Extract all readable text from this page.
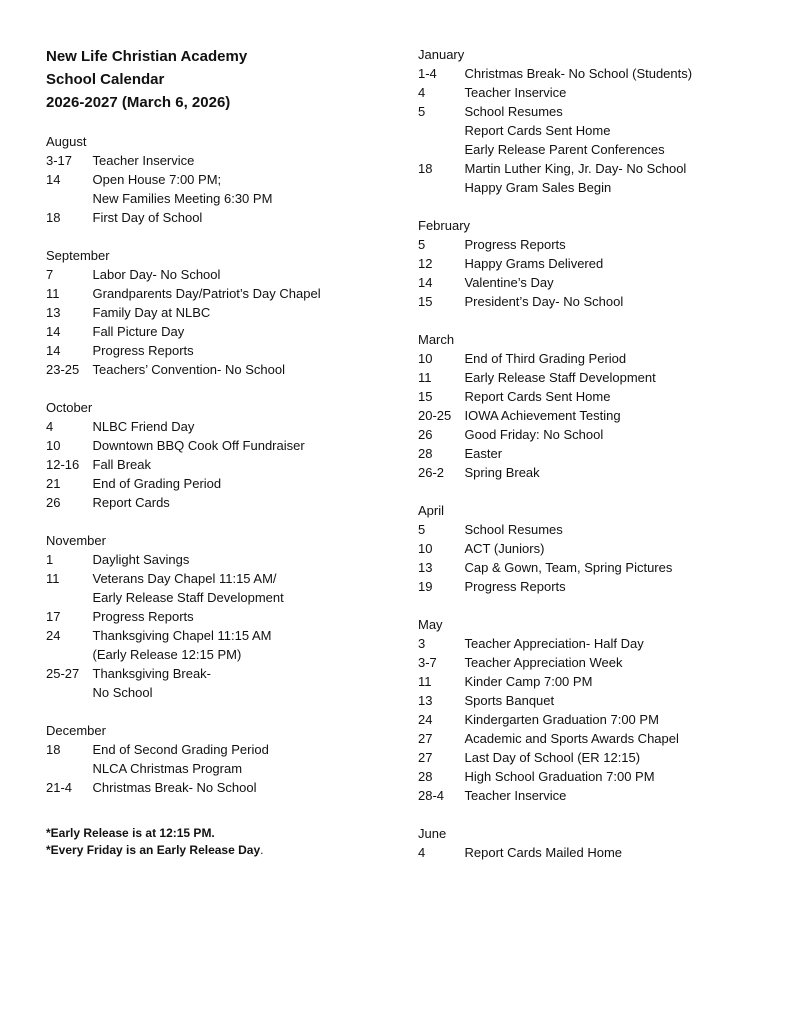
New Life Christian Academy
School Calendar
2026-2027 (March 6, 2026)
August
3-17	Teacher Inservice
14	Open House 7:00 PM;
New Families Meeting 6:30 PM
18	First Day of School
September
7	Labor Day- No School
11	Grandparents Day/Patriot’s Day Chapel
13	Family Day at NLBC
14	Fall Picture Day
14	Progress Reports
23-25	Teachers’ Convention- No School
October
4	NLBC Friend Day
10	Downtown BBQ Cook Off Fundraiser
12-16	Fall Break
21	End of Grading Period
26	Report Cards
November
1	Daylight Savings
11	Veterans Day Chapel 11:15 AM/
Early Release Staff Development
17	Progress Reports
24	Thanksgiving Chapel 11:15 AM
(Early Release 12:15 PM)
25-27	Thanksgiving Break-
No School
December
18	End of Second Grading Period
NLCA Christmas Program
21-4	Christmas Break- No School
*Early Release is at 12:15 PM.
*Every Friday is an Early Release Day.
January
1-4	Christmas Break- No School (Students)
4	Teacher Inservice
5	School Resumes
Report Cards Sent Home
Early Release Parent Conferences
18	Martin Luther King, Jr. Day- No School
Happy Gram Sales Begin
February
5	Progress Reports
12	Happy Grams Delivered
14	Valentine’s Day
15	President’s Day- No School
March
10	End of Third Grading Period
11	Early Release Staff Development
15	Report Cards Sent Home
20-25	IOWA Achievement Testing
26	Good Friday: No School
28	Easter
26-2	Spring Break
April
5	School Resumes
10	ACT (Juniors)
13	Cap & Gown, Team, Spring Pictures
19	Progress Reports
May
3	Teacher Appreciation- Half Day
3-7	Teacher Appreciation Week
11	Kinder Camp 7:00 PM
13	Sports Banquet
24	Kindergarten Graduation 7:00 PM
27	Academic and Sports Awards Chapel
27	Last Day of School (ER 12:15)
28	High School Graduation 7:00 PM
28-4	Teacher Inservice
June
4	Report Cards Mailed Home
